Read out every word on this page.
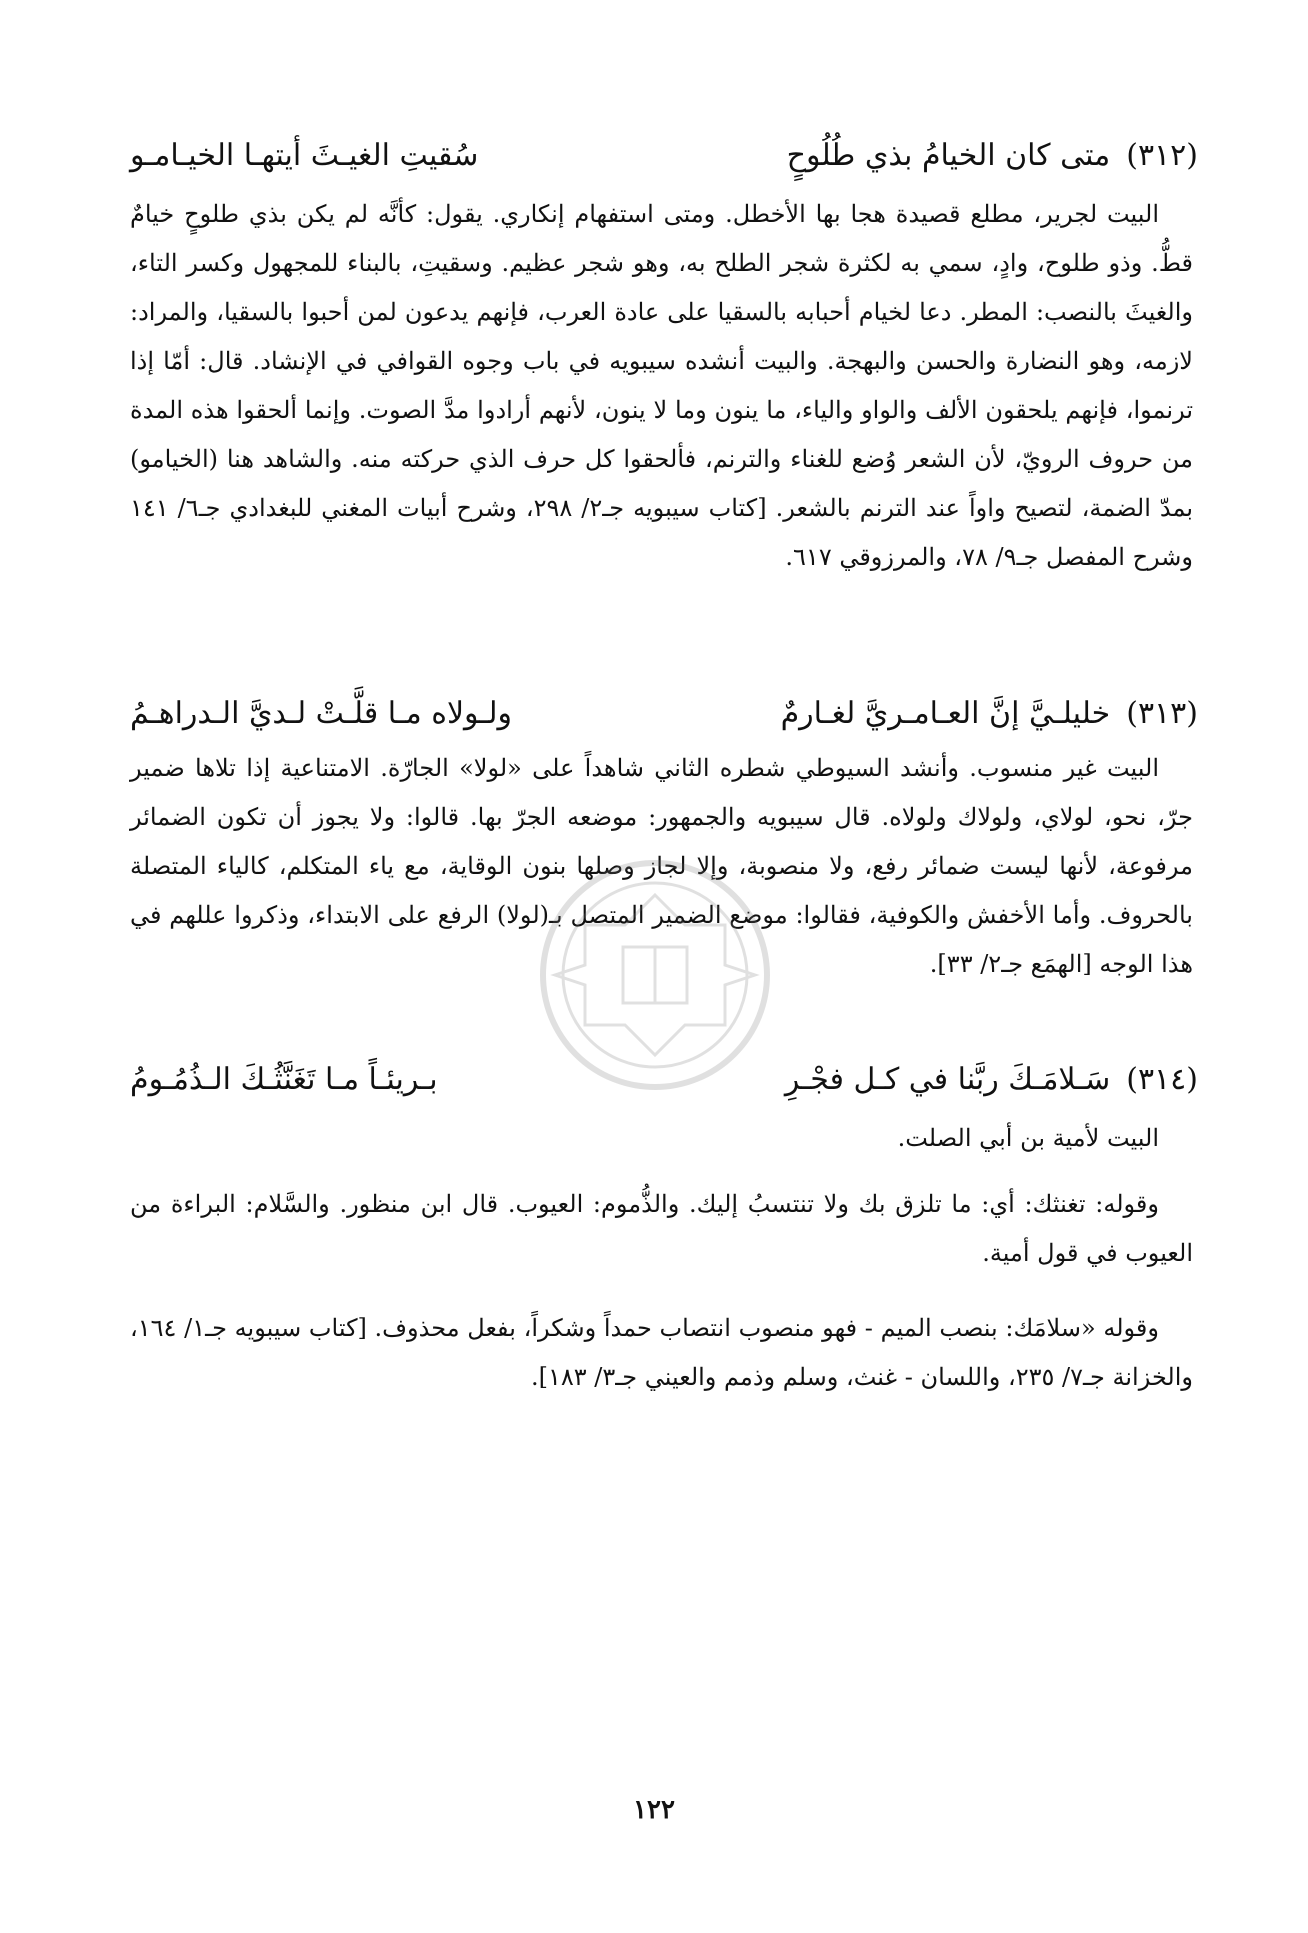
(٣١٢)
متى كان الخيامُ بذي طُلُوحٍ
سُقيتِ الغيـثَ أيتهـا الخيـامـو

البيت لجرير، مطلع قصيدة هجا بها الأخطل. ومتى استفهام إنكاري. يقول: كأنَّه لم يكن بذي طلوحٍ خيامٌ قطُّ. وذو طلوح، وادٍ، سمي به لكثرة شجر الطلح به، وهو شجر عظيم. وسقيتِ، بالبناء للمجهول وكسر التاء، والغيثَ بالنصب: المطر. دعا لخيام أحبابه بالسقيا على عادة العرب، فإنهم يدعون لمن أحبوا بالسقيا، والمراد: لازمه، وهو النضارة والحسن والبهجة. والبيت أنشده سيبويه في باب وجوه القوافي في الإنشاد. قال: أمّا إذا ترنموا، فإنهم يلحقون الألف والواو والياء، ما ينون وما لا ينون، لأنهم أرادوا مدَّ الصوت. وإنما ألحقوا هذه المدة من حروف الرويّ، لأن الشعر وُضع للغناء والترنم، فألحقوا كل حرف الذي حركته منه. والشاهد هنا (الخيامو) بمدّ الضمة، لتصيح واواً عند الترنم بالشعر. [كتاب سيبويه جـ٢/ ٢٩٨، وشرح أبيات المغني للبغدادي جـ٦/ ١٤١ وشرح المفصل جـ٩/ ٧٨، والمرزوقي ٦١٧.

(٣١٣)
خليلـيَّ إنَّ العـامـريَّ لغـارمٌ
ولـولاه مـا قلَّـتْ لـديَّ الـدراهـمُ

البيت غير منسوب. وأنشد السيوطي شطره الثاني شاهداً على «لولا» الجارّة. الامتناعية إذا تلاها ضمير جرّ، نحو، لولاي، ولولاك ولولاه. قال سيبويه والجمهور: موضعه الجرّ بها. قالوا: ولا يجوز أن تكون الضمائر مرفوعة، لأنها ليست ضمائر رفع، ولا منصوبة، وإلا لجاز وصلها بنون الوقاية، مع ياء المتكلم، كالياء المتصلة بالحروف. وأما الأخفش والكوفية، فقالوا: موضع الضمير المتصل بـ(لولا) الرفع على الابتداء، وذكروا عللهم في هذا الوجه [الهمَع جـ٢/ ٣٣].

(٣١٤)
سَـلامَـكَ ربَّنا في كـل فجْـرِ
بـريئـاً مـا تَغَنَّثُـكَ الـذُمُـومُ

البيت لأمية بن أبي الصلت.

وقوله: تغنثك: أي: ما تلزق بك ولا تنتسبُ إليك. والذُّموم: العيوب. قال ابن منظور. والسَّلام: البراءة من العيوب في قول أمية.

وقوله «سلامَك: بنصب الميم - فهو منصوب انتصاب حمداً وشكراً، بفعل محذوف. [كتاب سيبويه جـ١/ ١٦٤، والخزانة جـ٧/ ٢٣٥، واللسان - غنث، وسلم وذمم والعيني جـ٣/ ١٨٣].

١٢٢
